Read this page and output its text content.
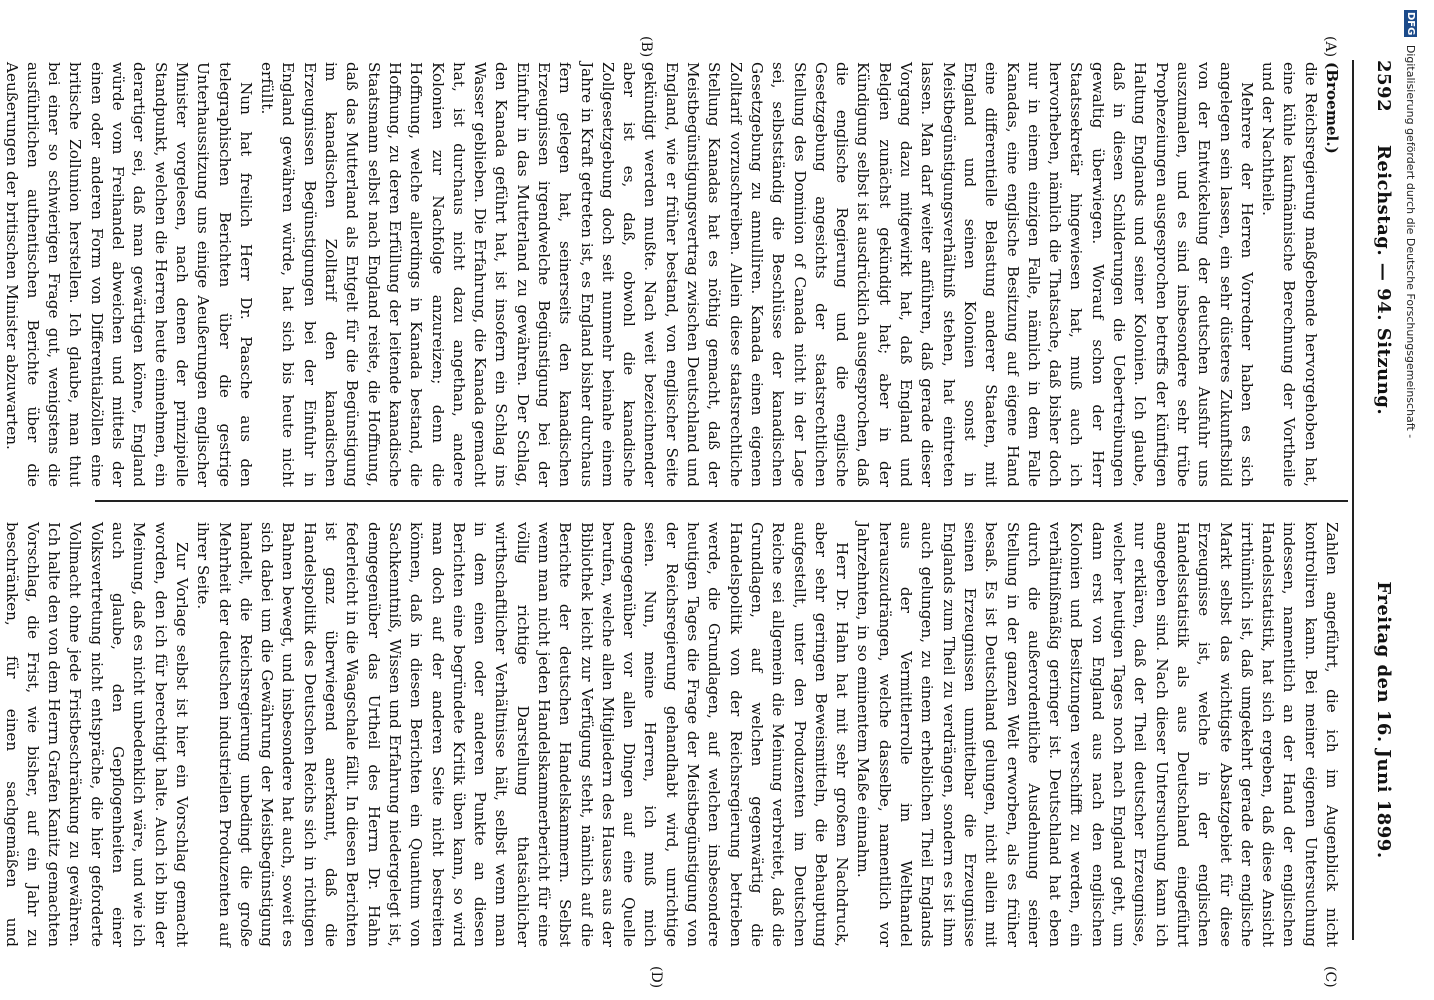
2592
Reichstag. — 94. Sitzung.
Freitag den 16. Juni 1899.
(A)
(B)
(C)
(D)

(Broemel.)

die Reichsregierung maßgebende hervorgehoben hat, eine kühle kaufmännische Berechnung der Vortheile und der Nachtheile.

Mehrere der Herren Vorredner haben es sich angelegen sein lassen, ein sehr düsteres Zukunftsbild von der Entwickelung der deutschen Ausfuhr uns auszumalen, und es sind insbesondere sehr trübe Prophezeiungen ausgesprochen betreffs der künftigen Haltung Englands und seiner Kolonien. Ich glaube, daß in diesen Schilderungen die Uebertreibungen gewaltig überwiegen. Worauf schon der Herr Staatssekretär hingewiesen hat, muß auch ich hervorheben, nämlich die Thatsache, daß bisher doch nur in einem einzigen Falle, nämlich in dem Falle Kanadas, eine englische Besitzung auf eigene Hand eine differentielle Belastung anderer Staaten, mit England und seinen Kolonien sonst in Meistbegünstigungsverhältniß stehen, hat eintreten lassen. Man darf weiter anführen, daß gerade dieser Vorgang dazu mitgewirkt hat, daß England und Belgien zunächst gekündigt hat; aber in der Kündigung selbst ist ausdrücklich ausgesprochen, daß die englische Regierung und die englische Gesetzgebung angesichts der staatsrechtlichen Stellung des Dominion of Canada nicht in der Lage sei, selbstständig die Beschlüsse der kanadischen Gesetzgebung zu annulliren. Kanada einen eigenen Zolltarif vorzuschreiben. Allein diese staatsrechtliche Stellung Kanadas hat es nöthig gemacht, daß der Meistbegünstigungsvertrag zwischen Deutschland und England, wie er früher bestand, von englischer Seite gekündigt werden mußte. Nach weit bezeichnender aber ist es, daß, obwohl die kanadische Zollgesetzgebung doch seit nunmehr beinahe einem Jahre in Kraft getreten ist, es England bisher durchaus fern gelegen hat, seinerseits den kanadischen Erzeugnissen irgendwelche Begünstigung bei der Einfuhr in das Mutterland zu gewähren. Der Schlag, den Kanada geführt hat, ist insofern ein Schlag ins Wasser geblieben. Die Erfahrung, die Kanada gemacht hat, ist durchaus nicht dazu angethan, andere Kolonien zur Nachfolge anzureizen; denn die Hoffnung, welche allerdings in Kanada bestand, die Hoffnung, zu deren Erfüllung der leitende kanadische Staatsmann selbst nach England reiste, die Hoffnung, daß das Mutterland als Entgelt für die Begünstigung im kanadischen Zolltarif den kanadischen Erzeugnissen Begünstigungen bei der Einfuhr in England gewähren würde, hat sich bis heute nicht erfüllt.

Nun hat freilich Herr Dr. Paasche aus den telegraphischen Berichten über die gestrige Unterhaussitzung uns einige Aeußerungen englischer Minister vorgelesen, nach denen der prinzipielle Standpunkt, welchen die Herren heute einnehmen, ein derartiger sei, daß man gewärtigen könne, England würde vom Freihandel abweichen und mittels der einen oder anderen Form von Differentialzöllen eine britische Zollunion herstellen. Ich glaube, man thut bei einer so schwierigen Frage gut, wenigstens die ausführlichen authentischen Berichte über die Aeußerungen der britischen Minister abzuwarten.

Zahlen angeführt, die ich im Augenblick nicht kontroliren kann. Bei meiner eigenen Untersuchung indessen, namentlich an der Hand der englischen Handelsstatistik, hat sich ergeben, daß diese Ansicht irrthümlich ist, daß umgekehrt gerade der englische Markt selbst das wichtigste Absatzgebiet für diese Erzeugnisse ist, welche in der englischen Handelsstatistik als aus Deutschland eingeführt angegeben sind. Nach dieser Untersuchung kann ich nur erklären, daß der Theil deutscher Erzeugnisse, welcher heutigen Tages noch nach England geht, um dann erst von England aus nach den englischen Kolonien und Besitzungen verschifft zu werden, ein verhältnißmäßig geringer ist. Deutschland hat eben durch die außerordentliche Ausdehnung seiner Stellung in der ganzen Welt erworben, als es früher besaß. Es ist Deutschland gelungen, nicht allein mit seinen Erzeugnissen unmittelbar die Erzeugnisse Englands zum Theil zu verdrängen, sondern es ist ihm auch gelungen, zu einem erheblichen Theil Englands aus der Vermittlerrolle im Welthandel herauszudrängen, welche dasselbe, namentlich vor Jahrzehnten, in so eminentem Maße einnahm.

Herr Dr. Hahn hat mit sehr großem Nachdruck, aber sehr geringen Beweismitteln, die Behauptung aufgestellt, unter den Produzenten im Deutschen Reiche sei allgemein die Meinung verbreitet, daß die Grundlagen, auf welchen gegenwärtig die Handelspolitik von der Reichsregierung betrieben werde, die Grundlagen, auf welchen insbesondere heutigen Tages die Frage der Meistbegünstigung von der Reichsregierung gehandhabt wird, unrichtige seien. Nun, meine Herren, ich muß mich demgegenüber vor allen Dingen auf eine Quelle berufen, welche allen Mitgliedern des Hauses aus der Bibliothek leicht zur Verfügung steht, nämlich auf die Berichte der deutschen Handelskammern. Selbst wenn man nicht jeden Handelskammerbericht für eine völlig richtige Darstellung thatsächlicher wirthschaftlicher Verhältnisse hält, selbst wenn man in dem einen oder anderen Punkte an diesen Berichten eine begründete Kritik üben kann, so wird man doch auf der anderen Seite nicht bestreiten können, daß in diesen Berichten ein Quantum von Sachkenntniß, Wissen und Erfahrung niedergelegt ist, demgegenüber das Urtheil des Herrn Dr. Hahn federleicht in die Waagschale fällt. In diesen Berichten ist ganz überwiegend anerkannt, daß die Handelspolitik des Deutschen Reichs sich in richtigen Bahnen bewegt, und insbesondere hat auch, soweit es sich dabei um die Gewährung der Meistbegünstigung handelt, die Reichsregierung unbedingt die große Mehrheit der deutschen industriellen Produzenten auf ihrer Seite.

Zur Vorlage selbst ist hier ein Vorschlag gemacht worden, den ich für berechtigt halte. Auch ich bin der Meinung, daß es nicht unbedenklich wäre, und wie ich auch glaube, den Gepflogenheiten einer Volksvertretung nicht entspräche, die hier geforderte Vollmacht ohne jede Fristbeschränkung zu gewähren. Ich halte den von dem Herrn Grafen Kanitz gemachten Vorschlag, die Frist, wie bisher, auf ein Jahr zu beschränken, für einen sachgemäßen und

DFG Digitalisierung gefördert durch die Deutsche Forschungsgemeinschaft -
